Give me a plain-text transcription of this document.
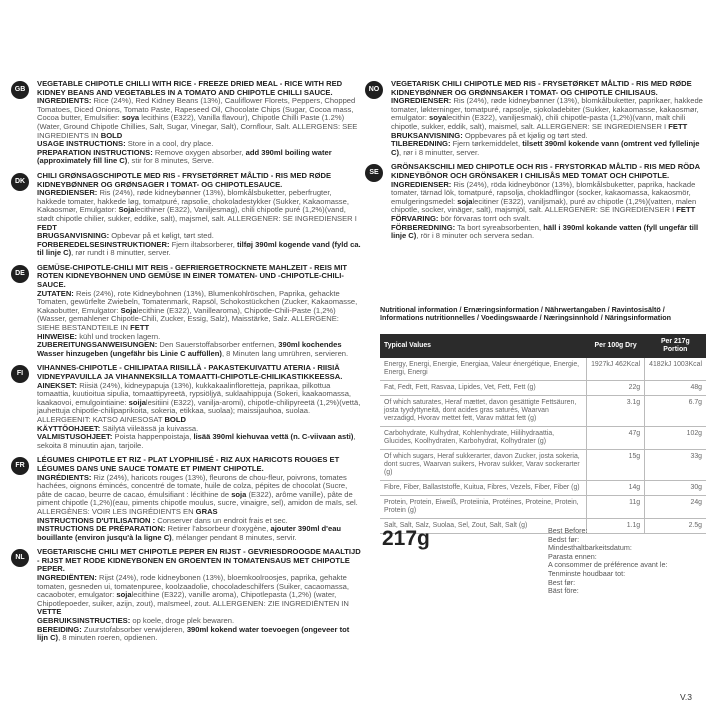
GB
VEGETABLE CHIPOTLE CHILLI WITH RICE - FREEZE DRIED MEAL - RICE WITH RED KIDNEY BEANS AND VEGETABLES IN A TOMATO AND CHIPOTLE CHILLI SAUCE.
INGREDIENTS: Rice (24%), Red Kidney Beans (13%), Cauliflower Florets, Peppers, Chopped Tomatoes, Diced Onions, Tomato Paste, Rapeseed Oil, Chocolate Chips (Sugar, Cocoa mass, Cocoa butter, Emulsifier: soya lecithins (E322), Vanilla flavour), Chipotle Chilli Paste (1.2%) (Water, Ground Chipotle Chillies, Salt, Sugar, Vinegar, Salt), Cornflour, Salt. ALLERGENS: SEE INGREDIENTS IN BOLD
USAGE INSTRUCTIONS: Store in a cool, dry place.
PREPARATION INSTRUCTIONS: Remove oxygen absorber, add 390ml boiling water (approximately fill line C), stir for 8 minutes, Serve.
DK
CHILI GRØNSAGSCHIPOTLE MED RIS - FRYSETØRRET MÅLTID - RIS MED RØDE KIDNEYBØNNER OG GRØNSAGER I TOMAT- OG CHIPOTLESAUCE.
INGREDIENSER: Ris (24%), røde kidneybønner (13%), blomkålsbuketter, peberfrugter, hakkede tomater, hakkede løg, tomatpuré, rapsolie, chokoladestykker (Sukker, Kakaomasse, Kakaosmør, Emulgator: Sojalecithiner (E322), Vaniljesmag), chili chipotle puré (1,2%)(vand, stødt chipotle chilier, sukker, eddike, salt), majsmel, salt. ALLERGENER: SE INGREDIENSER I FEDT
BRUGSANVISNING: Opbevar på et køligt, tørt sted.
FORBEREDELSESINSTRUKTIONER: Fjern iltabsorberer, tilføj 390ml kogende vand (fyld ca. til linje C), rør rundt i 8 minutter, server.
DE
GEMÜSE-CHIPOTLE-CHILI MIT REIS - GEFRIERGETROCKNETE MAHLZEIT - REIS MIT ROTEN KIDNEYBOHNEN UND GEMÜSE IN EINER TOMATEN- UND -CHIPOTLE-CHILI-SAUCE.
ZUTATEN: Reis (24%), rote Kidneybohnen (13%), Blumenkohlröschen, Paprika, gehackte Tomaten, gewürfelte Zwiebeln, Tomatenmark, Rapsöl, Schokostückchen (Zucker, Kakaomasse, Kakaobutter, Emulgator: Sojalecithine (E322), Vanillearoma), Chipotle-Chili-Paste (1,2%) (Wasser, gemahlener Chipotle-Chili, Zucker, Essig, Salz), Maisstärke, Salz. ALLERGENE: SIEHE BESTANDTEILE IN FETT
HINWEISE: kühl und trocken lagern.
ZUBEREITUNGSANWEISUNGEN: Den Sauerstoffabsorber entfernen, 390ml kochendes Wasser hinzugeben (ungefähr bis Linie C auffüllen), 8 Minuten lang umrühren, servieren.
FI
VIHANNES-CHIPOTLE - CHILIPATAA RIISILLÄ - PAKASTEKUIVATTU ATERIA - RIISIÄ VIDNEYPAVUILLA JA VIHANNEKSILLA TOMAATTI-CHIPOTLE-CHILIKASTIKKEESSA.
AINEKSET: Riisiä (24%), kidneypapuja (13%), kukkakaalinfloretteja, paprikaa, pilkottua tomaattia, kuutioitua sipulia, tomaattipyreetä, rypsiöljyä, suklaahippuja (Sokeri, kaakaomassa, kaakaovoi, emulgointiaine: soijalesitiini (E322), vanilja-aromi), chipotle-chilipyreetä (1,2%)(vettä, jauhettuja chipotle-chilipaprikoita, sokeria, etikkaa, suolaa); maissijauhoa, suolaa. ALLERGEENIT: KATSO AINESOSAT BOLD
KÄYTTÖOHJEET: Säilytä viileässä ja kuivassa.
VALMISTUSOHJEET: Poista happenpoistaja, lisää 390ml kiehuvaa vettä (n. C-viivaan asti), sekoita 8 minuutin ajan, tarjoile.
FR
LÉGUMES CHIPOTLE ET RIZ - PLAT LYOPHILISÉ - RIZ AUX HARICOTS ROUGES ET LÉGUMES DANS UNE SAUCE TOMATE ET PIMENT CHIPOTLE.
INGRÉDIENTS: Riz (24%), haricots rouges (13%), fleurons de chou-fleur, poivrons, tomates hachées, oignons émincés, concentré de tomate, huile de colza, pépites de chocolat (Sucre, pâte de cacao, beurre de cacao, émulsifiant : lécithine de soja (E322), arôme vanille), pâte de piment chipotle (1,2%)(eau, piments chipotle moulus, sucre, vinaigre, sel), amidon de maïs, sel. ALLERGÈNES: VOIR LES INGRÉDIENTS EN GRAS
INSTRUCTIONS D'UTILISATION : Conserver dans un endroit frais et sec.
INSTRUCTIONS DE PRÉPARATION: Retirer l'absorbeur d'oxygène, ajouter 390ml d'eau bouillante (environ jusqu'à la ligne C), mélanger pendant 8 minutes, servir.
NL
VEGETARISCHE CHILI MET CHIPOTLE PEPER EN RIJST - GEVRIESDROOGDE MAALTIJD - RIJST MET RODE KIDNEYBONEN EN GROENTEN IN TOMATENSAUS MET CHIPOTLE PEPER.
INGREDIËNTEN: Rijst (24%), rode kidneybonen (13%), bloemkoolroosjes, paprika, gehakte tomaten, gesneden ui, tomatenpuree, koolzaadolie, chocoladeschilfers (Suiker, cacaomassa, cacaoboter, emulgator: sojalecithine (E322), vanille aroma), Chipotlepasta (1,2%) (water, Chipotlepoeder, suiker, azijn, zout), maïsmeel, zout. ALLERGENEN: ZIE INGREDIËNTEN IN VETTE
GEBRUIKSINSTRUCTIES: op koele, droge plek bewaren.
BEREIDING: Zuurstofabsorber verwijderen, 390ml kokend water toevoegen (ongeveer tot lijn C), 8 minuten roeren, opdienen.
NO
VEGETARISK CHILI CHIPOTLE MED RIS - FRYSETØRKET MÅLTID - RIS MED RØDE KIDNEYBØNNER OG GRØNNSAKER I TOMAT- OG CHIPOTLE CHILISAUS.
INGREDIENSER: Ris (24%), røde kidneybønner (13%), blomkålbuketter, paprikaer, hakkede tomater, løkterninger, tomatpuré, rapsolje, sjokoladebiter (Sukker, kakaomasse, kakaosmør, emulgator: soyalecithin (E322), vaniljesmak), chili chipotle-pasta (1,2%)(vann, malt chili chipotle, sukker, eddik, salt), maismel, salt. ALLERGENER: SE INGREDIENSER I FETT
BRUKSANVISNING: Oppbevares på et kjølig og tørt sted.
TILBEREDNING: Fjern tørkemiddelet, tilsett 390ml kokende vann (omtrent ved fyllelinje C), rør i 8 minutter, server.
SE
GRÖNSAKSCHILI MED CHIPOTLE OCH RIS - FRYSTORKAD MÅLTID - RIS MED RÖDA KIDNEYBÖNOR OCH GRÖNSAKER I CHILISÅS MED TOMAT OCH CHIPOTLE.
INGREDIENSER: Ris (24%), röda kidneybönor (13%), blomkålsbuketter, paprika, hackade tomater, tärnad lök, tomatpuré, rapsolja, chokladflingor (socker, kakaomassa, kakaosmör, emulgeringsmedel: sojalecitiner (E322), vaniljsmak), puré av chipotle (1,2%)(vatten, malen chipotle, socker, vinäger, salt), majsmjöl, salt. ALLERGENER: SE INGREDIENSER I FETT
FÖRVARING: bör förvaras torrt och svalt.
FÖRBEREDNING: Ta bort syreabsorbenten, häll i 390ml kokande vatten (fyll ungefär till linje C), rör i 8 minuter och servera sedan.
Nutritional information / Ernæringsinformation / Nährwertangaben / Ravintosisältö / Informations nutritionnelles / Voedingswaarde / Næringsinnhold / Näringsinformation
Typical Values	Per 100g Dry	Per 217g Portion
Energy, Energi, Energie, Energiaa, Valeur énergétique, Energie, Energi, Energi	1927kJ 462Kcal	4182kJ 1003Kcal
Fat, Fedt, Fett, Rasvaa, Lipides, Vet, Fett, Fett (g)	22g	48g
Of which saturates, Heraf mættet, davon gesättigte Fettsäuren, josta tyydyttyneitä, dont acides gras saturés, Waarvan verzadigd, Hvorav mettet fett, Varav mättat fett (g)	3.1g	6.7g
Carbohydrate, Kulhydrat, Kohlenhydrate, Hiilihydraattia, Glucides, Koolhydraten, Karbohydrat, Kolhydrater (g)	47g	102g
Of which sugars, Heraf sukkerarter, davon Zucker, josta sokeria, dont sucres, Waarvan suikers, Hvorav sukker, Varav sockerarter (g)	15g	33g
Fibre, Fiber, Ballaststoffe, Kuitua, Fibres, Vezels, Fiber, Fiber (g)	14g	30g
Protein, Protein, Eiweiß, Proteiinia, Protéines, Proteine, Protein, Protein (g)	11g	24g
Salt, Salt, Salz, Suolaa, Sel, Zout, Salt, Salt (g)	1.1g	2.5g
217g	Best Before:
Bedst før:
Mindesthaltbarkeitsdatum:
Parasta ennen:
A consommer de préférence avant le:
Tenminste houdbaar tot:
Best før:
Bäst före:
V.3
